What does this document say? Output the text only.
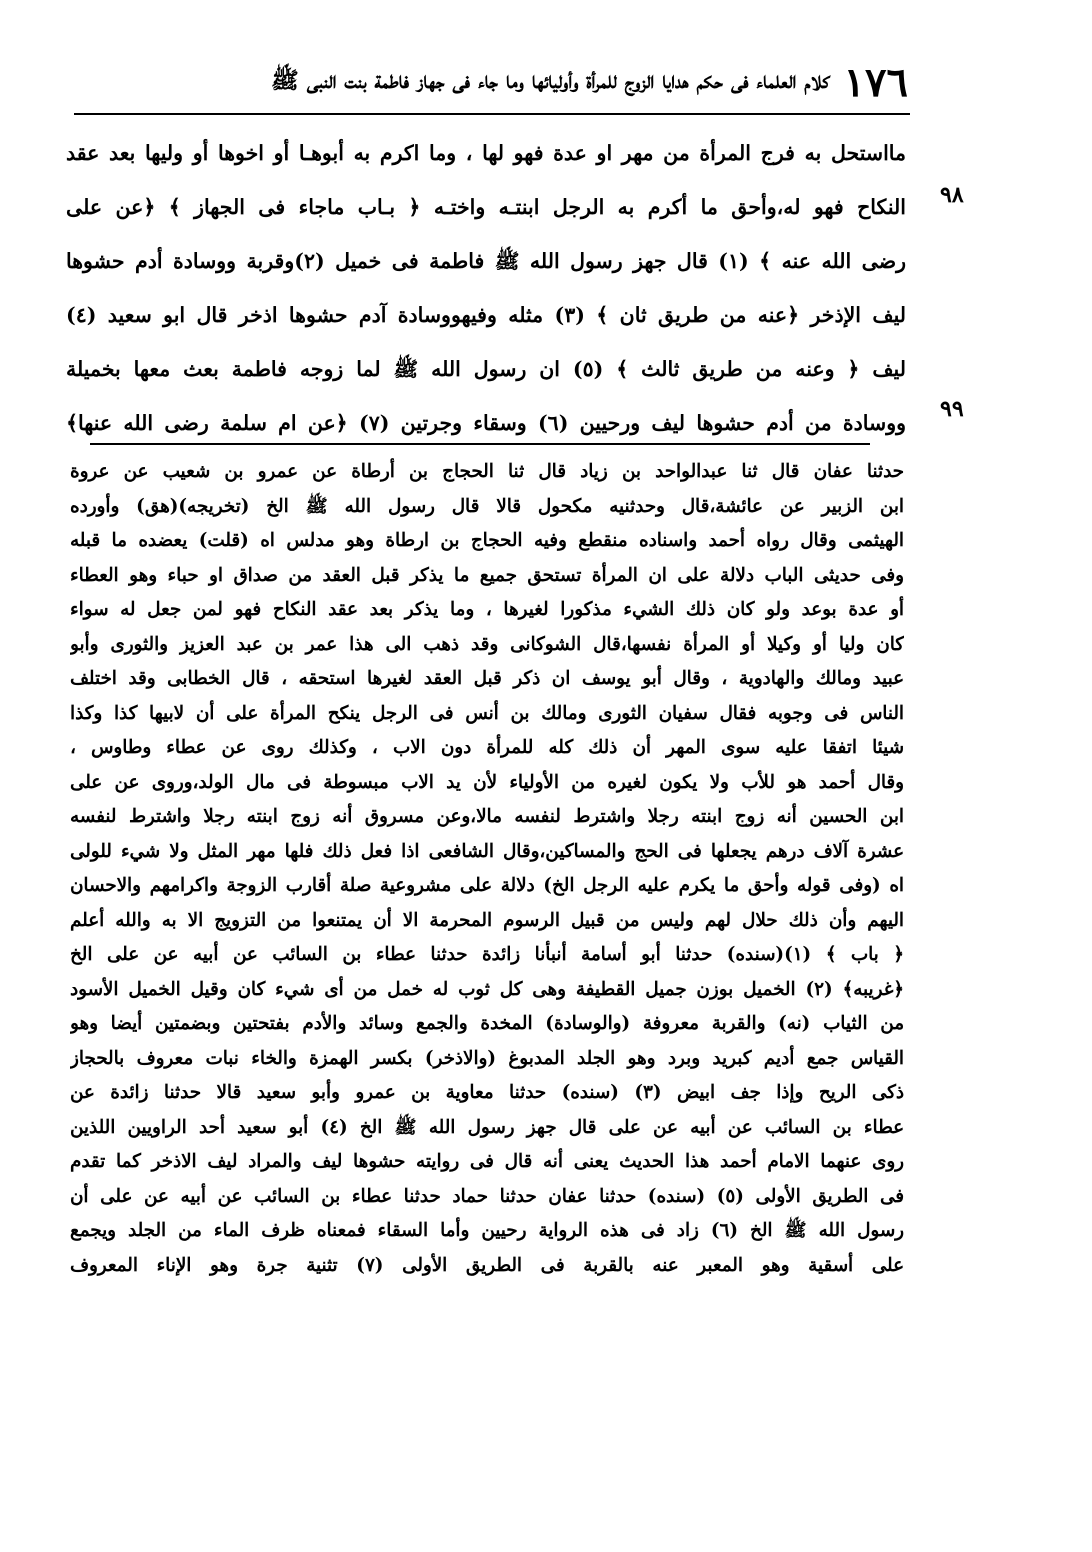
١٧٦
كلام العلماء فى حكم هدايا الزوج للمرأة وأوليائها وما جاء فى جهاز فاطمة بنت النبى ﷺ
مااستحل به فرج المرأة من مهر او عدة فهو لها ، وما اكرم به أبوهـا أو اخوها أو وليها بعد عقد
النكاح فهو له،وأحق ما أكرم به الرجل ابنتـه واختـه ﴿ بـاب ماجاء فى الجهاز ﴾ ﴿عن على
رضى الله عنه ﴾ (١) قال جهز رسول الله ﷺ فاطمة فى خميل (٢)وقربة ووسادة أدم حشوها
ليف الإذخر ﴿عنه من طريق ثان ﴾ (٣) مثله وفيهووسادة آدم حشوها اذخر قال ابو سعيد (٤)
ليف ﴿ وعنه من طريق ثالث ﴾ (٥) ان رسول الله ﷺ لما زوجه فاطمة بعث معها بخميلة
ووسادة من أدم حشوها ليف ورحيين (٦) وسقاء وجرتين (٧) ﴿عن ام سلمة رضى الله عنها﴾
٩٨
٩٩
حدثنا عفان قال ثنا عبدالواحد بن زياد قال ثنا الحجاج بن أرطاة عن عمرو بن شعيب عن عروة
ابن الزبير عن عائشة،قال وحدثنيه مكحول قالا قال رسول الله ﷺ الخ (تخريجه)(هق) وأورده
الهيثمى وقال رواه أحمد واسناده منقطع وفيه الحجاج بن ارطاة وهو مدلس اه (قلت) يعضده ما قبله
وفى حديثى الباب دلالة على ان المرأة تستحق جميع ما يذكر قبل العقد من صداق او حباء وهو العطاء
أو عدة بوعد ولو كان ذلك الشيء مذكورا لغيرها ، وما يذكر بعد عقد النكاح فهو لمن جعل له سواء
كان وليا أو وكيلا أو المرأة نفسها،قال الشوكانى وقد ذهب الى هذا عمر بن عبد العزيز والثورى وأبو
عبيد ومالك والهادوية ، وقال أبو يوسف ان ذكر قبل العقد لغيرها استحقه ، قال الخطابى وقد اختلف
الناس فى وجوبه فقال سفيان الثورى ومالك بن أنس فى الرجل ينكح المرأة على أن لابيها كذا وكذا
شيئا اتفقا عليه سوى المهر أن ذلك كله للمرأة دون الاب ، وكذلك روى عن عطاء وطاوس ،
وقال أحمد هو للأب ولا يكون لغيره من الأولياء لأن يد الاب مبسوطة فى مال الولد،وروى عن على
ابن الحسين أنه زوج ابنته رجلا واشترط لنفسه مالا،وعن مسروق أنه زوج ابنته رجلا واشترط لنفسه
عشرة آلاف درهم يجعلها فى الحج والمساكين،وقال الشافعى اذا فعل ذلك فلها مهر المثل ولا شيء للولى
اه (وفى قوله وأحق ما يكرم عليه الرجل الخ) دلالة على مشروعية صلة أقارب الزوجة واكرامهم والاحسان
اليهم وأن ذلك حلال لهم وليس من قبيل الرسوم المحرمة الا أن يمتنعوا من التزويج الا به والله أعلم
﴿ باب ﴾ (١)(سنده) حدثنا أبو أسامة أنبأنا زائدة حدثنا عطاء بن السائب عن أبيه عن على الخ
﴿غريبه﴾ (٢) الخميل بوزن جميل القطيفة وهى كل ثوب له خمل من أى شيء كان وقيل الخميل الأسود
من الثياب (نه) والقربة معروفة (والوسادة) المخدة والجمع وسائد والأدم بفتحتين وبضمتين أيضا وهو
القياس جمع أديم كبريد وبرد وهو الجلد المدبوغ (والاذخر) بكسر الهمزة والخاء نبات معروف بالحجاز
ذكى الريح وإذا جف ابيض (٣) (سنده) حدثنا معاوية بن عمرو وأبو سعيد قالا حدثنا زائدة عن
عطاء بن السائب عن أبيه عن على قال جهز رسول الله ﷺ الخ (٤) أبو سعيد أحد الراويين اللذين
روى عنهما الامام أحمد هذا الحديث يعنى أنه قال فى روايته حشوها ليف والمراد ليف الاذخر كما تقدم
فى الطريق الأولى (٥) (سنده) حدثنا عفان حدثنا حماد حدثنا عطاء بن السائب عن أبيه عن على أن
رسول الله ﷺ الخ (٦) زاد فى هذه الرواية رحيين وأما السقاء فمعناه ظرف الماء من الجلد ويجمع
على أسقية وهو المعبر عنه بالقربة فى الطريق الأولى (٧) تثنية جرة وهو الإناء المعروف
